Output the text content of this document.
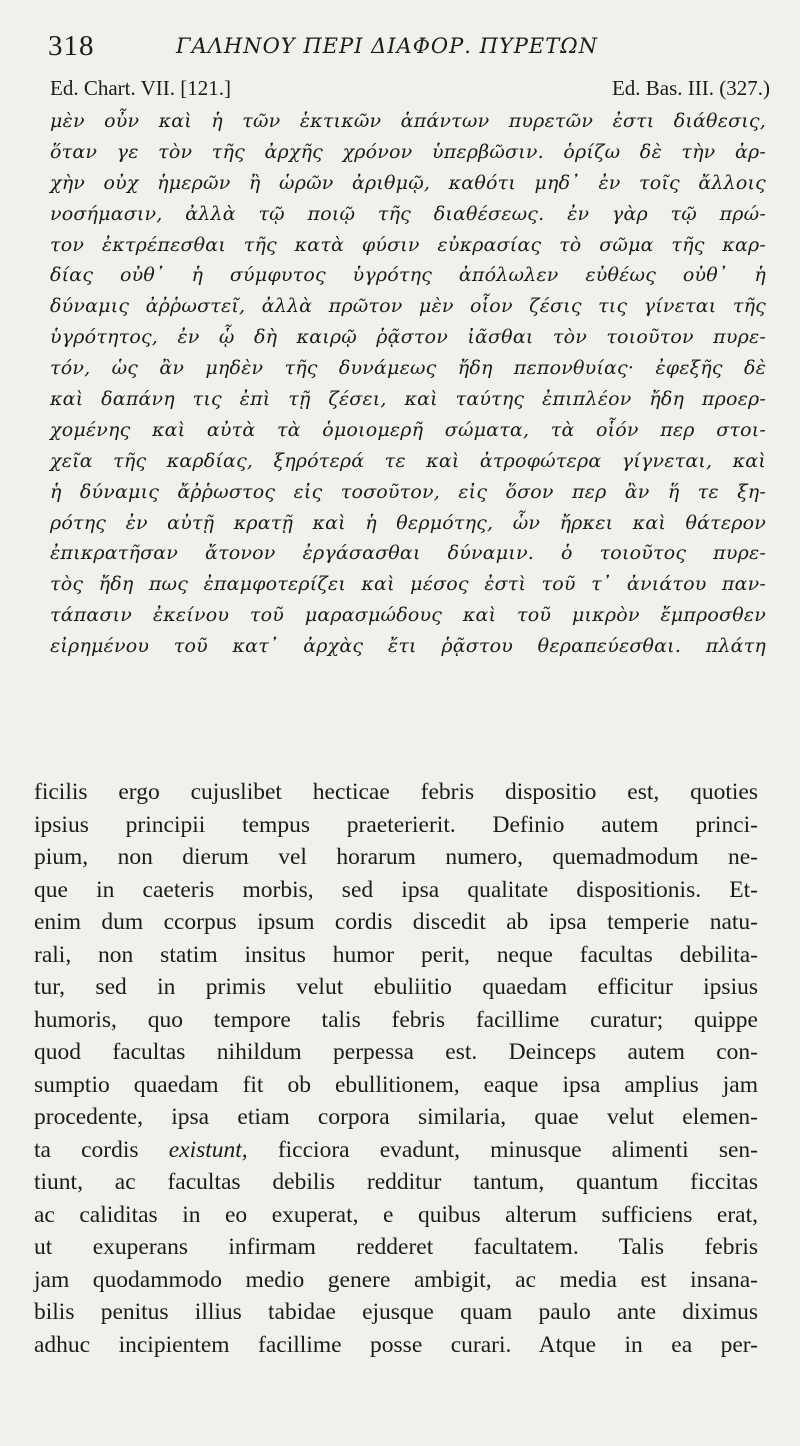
318	ΓΑΛΗΝΟΥ ΠΕΡΙ ΔΙΑΦΟΡ. ΠΥΡΕΤΩΝ
Ed. Chart. VII. [121.]	Ed. Bas. III. (327.)
μὲν οὖν καὶ ἡ τῶν ἑκτικῶν ἁπάντων πυρετῶν ἐστι διάθεσις,
ὅταν γε τὸν τῆς ἀρχῆς χρόνον ὑπερβῶσιν. ὁρίζω δὲ τὴν ἀρ-
χὴν οὐχ ἡμερῶν ἢ ὡρῶν ἀριθμῷ, καθότι μηδ᾽ ἐν τοῖς ἄλλοις
νοσήμασιν, ἀλλὰ τῷ ποιῷ τῆς διαθέσεως. ἐν γὰρ τῷ πρώ-
τον ἐκτρέπεσθαι τῆς κατὰ φύσιν εὐκρασίας τὸ σῶμα τῆς καρ-
δίας οὐθ᾽ ἡ σύμφυτος ὑγρότης ἀπόλωλεν εὐθέως οὐθ᾽ ἡ
δύναμις ἀῤῥωστεῖ, ἀλλὰ πρῶτον μὲν οἷον ζέσις τις γίνεται τῆς
ὑγρότητος, ἐν ᾧ δὴ καιρῷ ῥᾷστον ἰᾶσθαι τὸν τοιοῦτον πυρε-
τόν, ὡς ἂν μηδὲν τῆς δυνάμεως ἤδη πεπονθυίας· ἐφεξῆς δὲ
καὶ δαπάνη τις ἐπὶ τῇ ζέσει, καὶ ταύτης ἐπιπλέον ἤδη προερ-
χομένης καὶ αὐτὰ τὰ ὁμοιομερῆ σώματα, τὰ οἷόν περ στοι-
χεῖα τῆς καρδίας, ξηρότερά τε καὶ ἀτροφώτερα γίγνεται, καὶ
ἡ δύναμις ἄῤῥωστος εἰς τοσοῦτον, εἰς ὅσον περ ἂν ἥ τε ξη-
ρότης ἐν αὐτῇ κρατῇ καὶ ἡ θερμότης, ὧν ἤρκει καὶ θάτερον
ἐπικρατῆσαν ἄτονον ἐργάσασθαι δύναμιν. ὁ τοιοῦτος πυρε-
τὸς ἤδη πως ἐπαμφοτερίζει καὶ μέσος ἐστὶ τοῦ τ᾽ ἀνιάτου παν-
τάπασιν ἐκείνου τοῦ μαρασμώδους καὶ τοῦ μικρὸν ἔμπροσθεν
εἰρημένου τοῦ κατ᾽ ἀρχὰς ἔτι ῥᾷστου θεραπεύεσθαι. πλάτη
ficilis ergo cujuslibet hecticae febris dispositio est, quoties
ipsius principii tempus praeterierit. Definio autem princi-
pium, non dierum vel horarum numero, quemadmodum ne-
que in caeteris morbis, sed ipsa qualitate dispositionis. Et-
enim dum ccorpus ipsum cordis discedit ab ipsa temperie natu-
rali, non statim insitus humor perit, neque facultas debilita-
tur, sed in primis velut ebuliitio quaedam efficitur ipsius
humoris, quo tempore talis febris facillime curatur; quippe
quod facultas nihildum perpessa est. Deinceps autem con-
sumptio quaedam fit ob ebullitionem, eaque ipsa amplius jam
procedente, ipsa etiam corpora similaria, quae velut elemen-
ta cordis existunt, ficciora evadunt, minusque alimenti sen-
tiunt, ac facultas debilis redditur tantum, quantum ficcitas
ac caliditas in eo exuperat, e quibus alterum sufficiens erat,
ut exuperans infirmam redderet facultatem. Talis febris
jam quodammodo medio genere ambigit, ac media est insana-
bilis penitus illius tabidae ejusque quam paulo ante diximus
adhuc incipientem facillime posse curari. Atque in ea per-
